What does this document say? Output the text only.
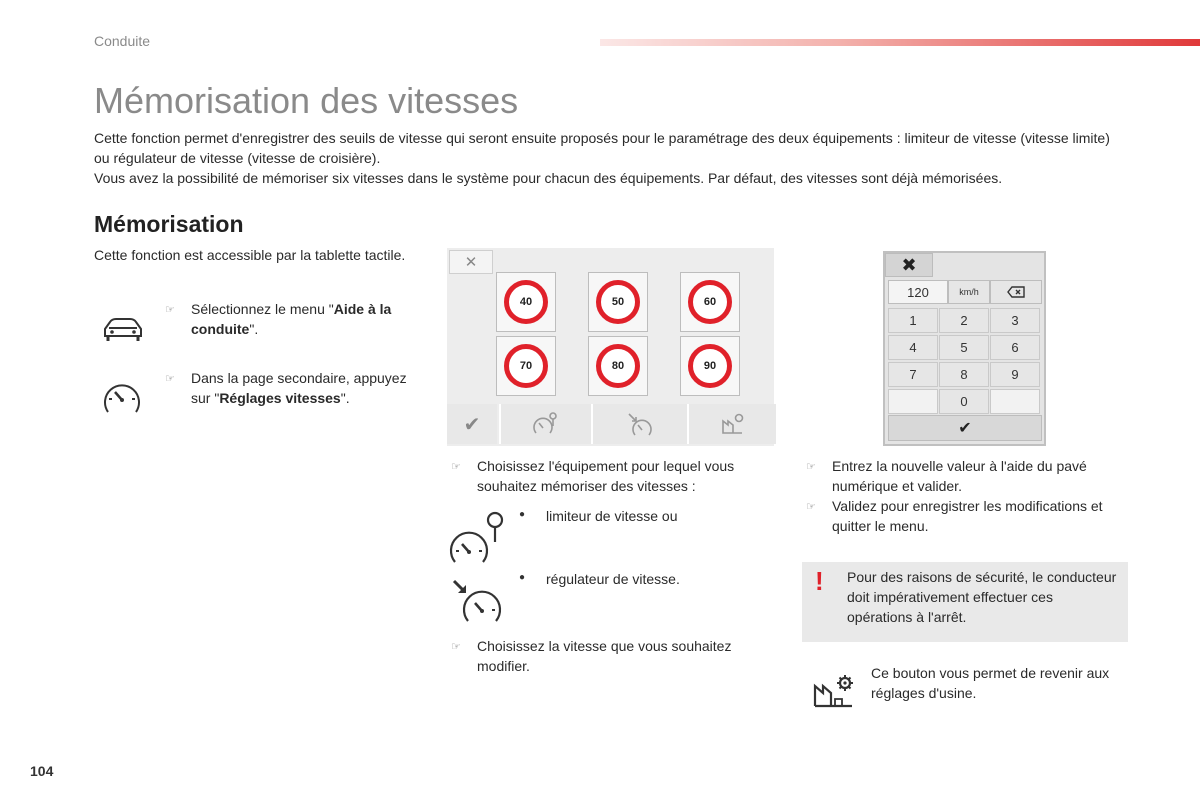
Conduite
Mémorisation des vitesses

Cette fonction permet d'enregistrer des seuils de vitesse qui seront ensuite proposés pour le paramétrage des deux équipements : limiteur de vitesse (vitesse limite) ou régulateur de vitesse (vitesse de croisière).

Vous avez la possibilité de mémoriser six vitesses dans le système pour chacun des équipements. Par défaut, des vitesses sont déjà mémorisées.

Mémorisation
Cette fonction est accessible par la tablette tactile.
☞ Sélectionnez le menu "Aide à la conduite".
☞ Dans la page secondaire, appuyez sur "Réglages vitesses".
✕
40	50	60
70	80	90
✔
✖
120	km/h
1	2	3
4	5	6
7	8	9
0
✔
☞ Choisissez l'équipement pour lequel vous souhaitez mémoriser des vitesses :
● limiteur de vitesse ou
● régulateur de vitesse.
☞ Choisissez la vitesse que vous souhaitez modifier.
☞ Entrez la nouvelle valeur à l'aide du pavé numérique et valider.
☞ Validez pour enregistrer les modifications et quitter le menu.
! Pour des raisons de sécurité, le conducteur doit impérativement effectuer ces opérations à l'arrêt.
Ce bouton vous permet de revenir aux réglages d'usine.
104
